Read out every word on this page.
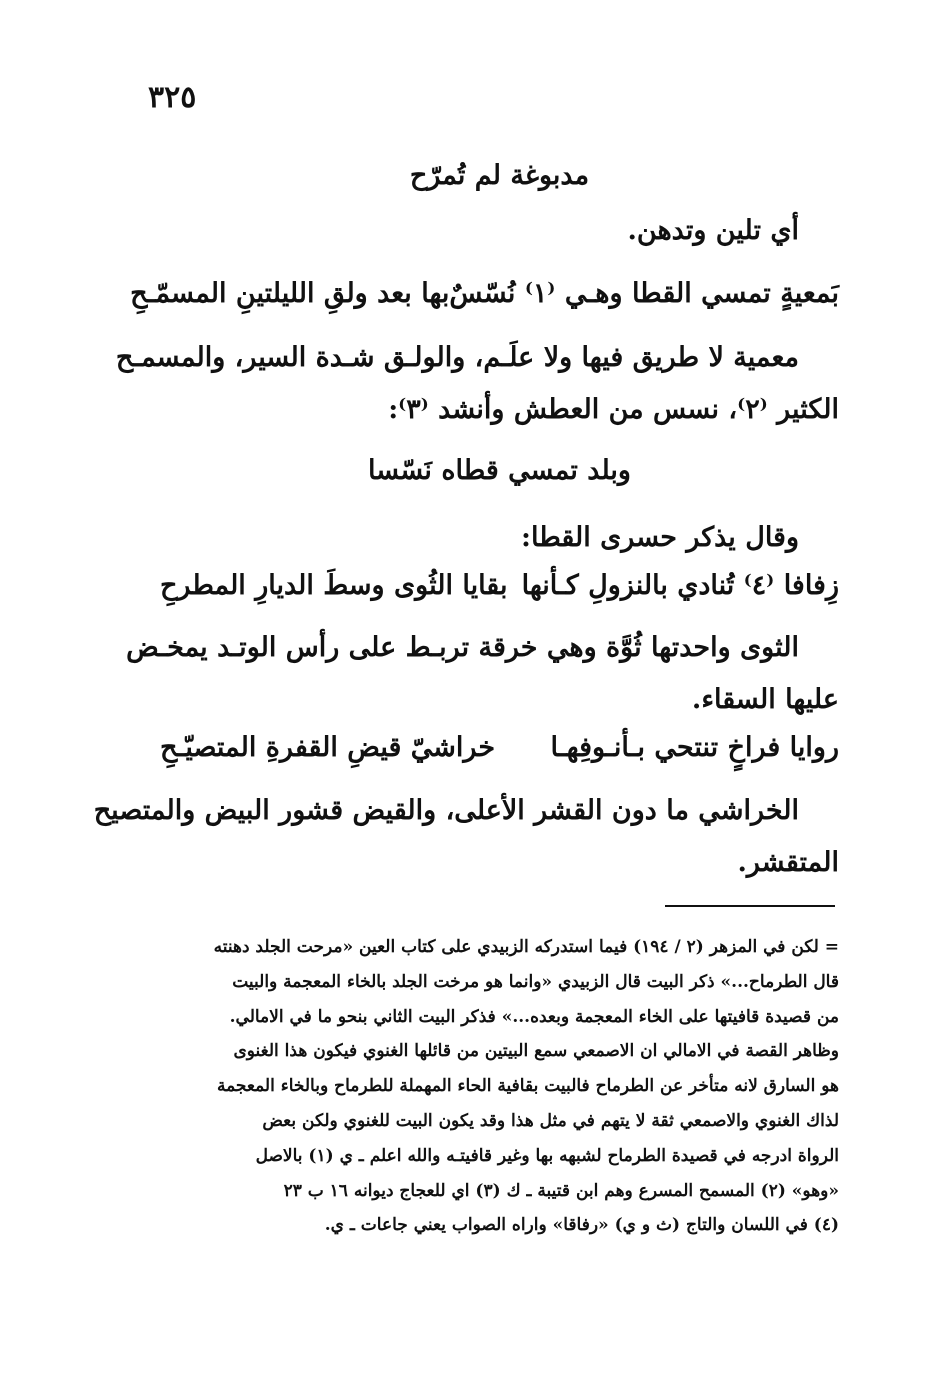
٣٢٥
مدبوغة لم تُمرّح
أي تلين وتدهن.
بَمعيةٍ تمسي القطا وهـي ⁽١⁾ نُسّسٌ
بها بعد ولقِ الليلتينِ المسمّـحِ
معمية لا طريق فيها ولا علَـم، والولـق شـدة السير، والمسمـح
الكثير ⁽٢⁾، نسس من العطش وأنشد ⁽٣⁾:
وبلد تمسي قطاه نَسّسا
وقال يذكر حسرى القطا:
زِفافا ⁽٤⁾ تُنادي بالنزولِ كـأنها
بقايا الثُوى وسطَ الديارِ المطرحِ
الثوى واحدتها ثُوَّة وهي خرقة تربـط على رأس الوتـد يمخـض
عليها السقاء.
روايا فراخٍ تنتحي بـأنـوفِهـا
خراشيّ قيضِ القفرةِ المتصيّـحِ
الخراشي ما دون القشر الأعلى، والقيض قشور البيض والمتصيح
المتقشر.
= لكن في المزهر (٢ / ١٩٤) فيما استدركه الزبيدي على كتاب العين «مرحت الجلد دهنته
قال الطرماح...» ذكر البيت قال الزبيدي «وانما هو مرخت الجلد بالخاء المعجمة والبيت
من قصيدة قافيتها على الخاء المعجمة وبعده...» فذكر البيت الثاني بنحو ما في الامالي.
وظاهر القصة في الامالي ان الاصمعي سمع البيتين من قائلها الغنوي فيكون هذا الغنوى
هو السارق لانه متأخر عن الطرماح فالبيت بقافية الحاء المهملة للطرماح وبالخاء المعجمة
لذاك الغنوي والاصمعي ثقة لا يتهم في مثل هذا وقد يكون البيت للغنوي ولكن بعض
الرواة ادرجه في قصيدة الطرماح لشبهه بها وغير قافيتـه والله اعلم ـ ي (١) بالاصل
«وهو» (٢) المسمح المسرع وهم ابن قتيبة ـ ك (٣) اي للعجاج ديوانه ١٦ ب ٢٣
(٤) في اللسان والتاج (ث و ي) «رفاقا» واراه الصواب يعني جاعات ـ ي.
